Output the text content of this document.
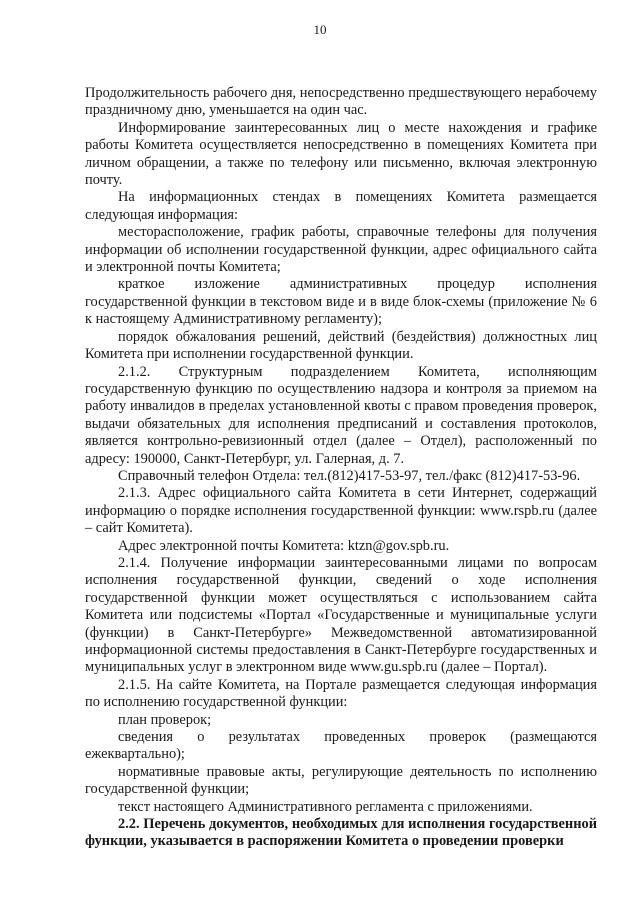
10

Продолжительность рабочего дня, непосредственно предшествующего нерабочему праздничному дню, уменьшается на один час.

Информирование заинтересованных лиц о месте нахождения и графике работы Комитета осуществляется непосредственно в помещениях Комитета при личном обращении, а также по телефону или письменно, включая электронную почту.

На информационных стендах в помещениях Комитета размещается следующая информация:

месторасположение, график работы, справочные телефоны для получения информации об исполнении государственной функции, адрес официального сайта и электронной почты Комитета;

краткое изложение административных процедур исполнения государственной функции в текстовом виде и в виде блок-схемы (приложение № 6 к настоящему Административному регламенту);

порядок обжалования решений, действий (бездействия) должностных лиц Комитета при исполнении государственной функции.

2.1.2. Структурным подразделением Комитета, исполняющим государственную функцию по осуществлению надзора и контроля за приемом на работу инвалидов в пределах установленной квоты с правом проведения проверок, выдачи обязательных для исполнения предписаний и составления протоколов, является контрольно-ревизионный отдел (далее – Отдел), расположенный по адресу: 190000, Санкт-Петербург, ул. Галерная, д. 7.

Справочный телефон Отдела: тел.(812)417-53-97, тел./факс (812)417-53-96.

2.1.3. Адрес официального сайта Комитета в сети Интернет, содержащий информацию о порядке исполнения государственной функции: www.rspb.ru (далее – сайт Комитета).

Адрес электронной почты Комитета: ktzn@gov.spb.ru.

2.1.4. Получение информации заинтересованными лицами по вопросам исполнения государственной функции, сведений о ходе исполнения государственной функции может осуществляться с использованием сайта Комитета или подсистемы «Портал «Государственные и муниципальные услуги (функции) в Санкт-Петербурге» Межведомственной автоматизированной информационной системы предоставления в Санкт-Петербурге государственных и муниципальных услуг в электронном виде www.gu.spb.ru (далее – Портал).

2.1.5. На сайте Комитета, на Портале размещается следующая информация по исполнению государственной функции:

план проверок;

сведения о результатах проведенных проверок (размещаются ежеквартально);

нормативные правовые акты, регулирующие деятельность по исполнению государственной функции;

текст настоящего Административного регламента с приложениями.

2.2. Перечень документов, необходимых для исполнения государственной функции, указывается в распоряжении Комитета о проведении проверки
